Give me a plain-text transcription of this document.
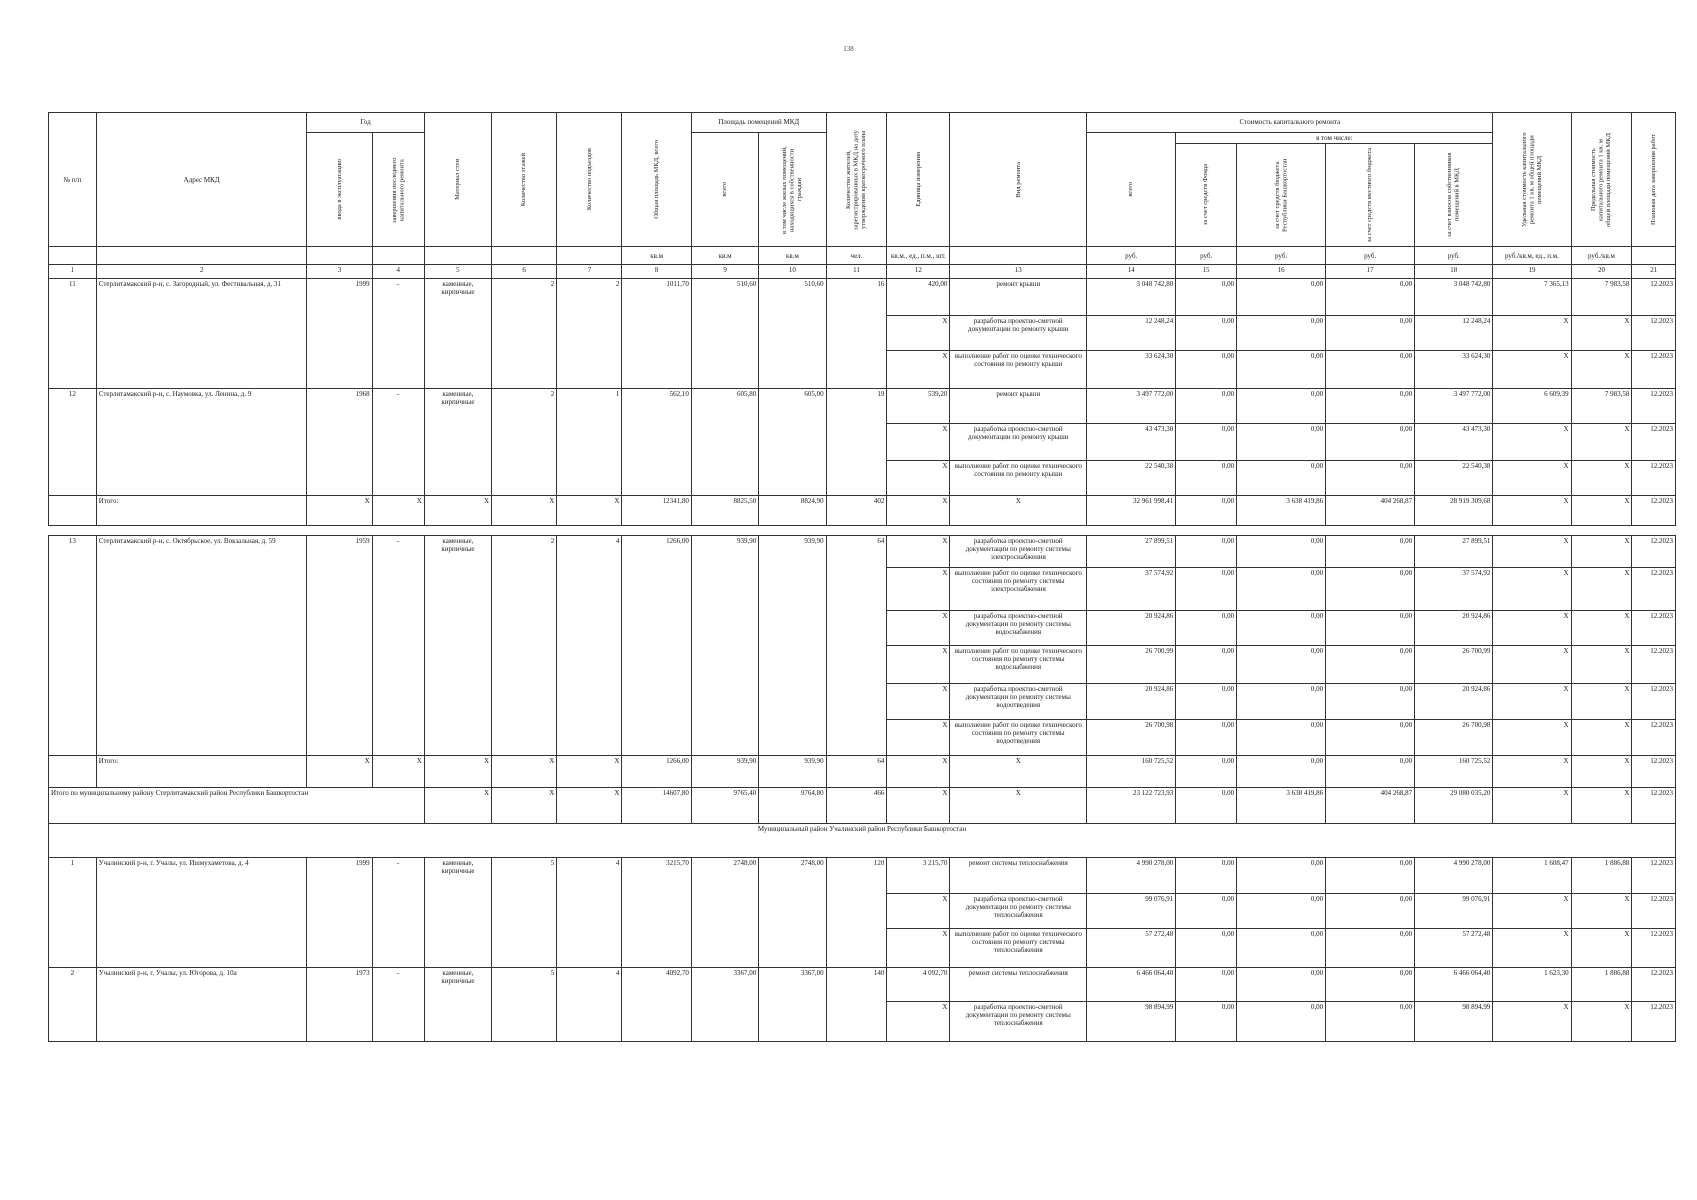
138
№ п/п	Адрес МКД	Год		Материал стен	Количество этажей	Количество подъездов	Общая площадь МКД, всего	Площадь помещений МКД		Количество жителей, зарегистрированных в МКД на дату утверждения краткосрочного плана	Единица измерения	Вид ремонта	Стоимость капитального ремонта					Удельная стоимость капитального ремонта 1 кв. м общей площади помещений МКД	Предельная стоимость капитального ремонта 1 кв. м общей площади помещений МКД	Плановая дата завершения работ

		ввода в эксплуатацию	завершения последнего капитального ремонта					всего	в том числе жилых помещений, находящихся в собственности граждан				всего	в том числе:						

														за счет средств Фонда	за счет средств бюджета Республики Башкортостан	за счет средств местного бюджета	за счет взносов собственников помещений в МКД			

							кв.м	кв.м	кв.м	чел.	кв.м., ед., п.м., шт.		руб.	руб.	руб.	руб.	руб.	руб./кв.м, ед., п.м.	руб./кв.м	
1	2	3	4	5	6	7	8	9	10	11	12	13	14	15	16	17	18	19	20	21
11	Стерлитамакский р-н, с. Загородный, ул. Фестивальная, д. 31	1999	-	каменные, кирпичные	2	2	1011,70	510,60	510,60	16	420,00	ремонт крыши	3 048 742,80	0,00	0,00	0,00	3 048 742,80	7 365,13	7 983,58	12.2023
											X	разработка проектно-сметной документации по ремонту крыши	12 248,24	0,00	0,00	0,00	12 248,24	X	X	12.2023
											X	выполнение работ по оценке технического состояния по ремонту крыши	33 624,30	0,00	0,00	0,00	33 624,30	X	X	12.2023
12	Стерлитамакский р-н, с. Наумовка, ул. Ленина, д. 9	1968	-	каменные, кирпичные	2	1	562,10	605,80	605,00	19	539,20	ремонт крыши	3 497 772,00	0,00	0,00	0,00	3 497 772,00	6 609,39	7 983,58	12.2023
											X	разработка проектно-сметной документации по ремонту крыши	43 473,30	0,00	0,00	0,00	43 473,30	X	X	12.2023
											X	выполнение работ по оценке технического состояния по ремонту крыши	22 540,38	0,00	0,00	0,00	22 540,38	X	X	12.2023
	Итого:	X	X	X	X	X	12341,80	8825,50	8824,90	402	X	X	32 961 998,41	0,00	3 638 419,86	404 268,87	28 919 309,68	X	X	12.2023

13	Стерлитамакский р-н, с. Октябрьское, ул. Вокзальная, д. 59	1959	-	каменные, кирпичные	2	4	1266,00	939,90	939,90	64	X	разработка проектно-сметной документации по ремонту системы электроснабжения	27 899,51	0,00	0,00	0,00	27 899,51	X	X	12.2023
											X	выполнение работ по оценке технического состояния по ремонту системы электроснабжения	37 574,92	0,00	0,00	0,00	37 574,92	X	X	12.2023
											X	разработка проектно-сметной документации по ремонту системы водоснабжения	20 924,86	0,00	0,00	0,00	20 924,86	X	X	12.2023
											X	выполнение работ по оценке технического состояния по ремонту системы водоснабжения	26 700,99	0,00	0,00	0,00	26 700,99	X	X	12.2023
											X	разработка проектно-сметной документации по ремонту системы водоотведения	20 924,86	0,00	0,00	0,00	20 924,86	X	X	12.2023
											X	выполнение работ по оценке технического состояния по ремонту системы водоотведения	26 700,98	0,00	0,00	0,00	26 700,98	X	X	12.2023
	Итого:	X	X	X	X	X	1266,00	939,90	939,90	64	X	X	160 725,52	0,00	0,00	0,00	160 725,52	X	X	12.2023
Итого по муниципальному району Стерлитамакский район Республики Башкортостан				X	X	X	14607,80	9765,40	9764,80	466	X	X	23 122 723,93	0,00	3 638 419,86	404 268,87	29 080 035,20	X	X	12.2023
Муниципальный район Учалинский район Республики Башкортостан																				
1	Учалинский р-н, г. Учалы, ул. Ишмухаметова, д. 4	1999	-	каменные, кирпичные	5	4	3215,70	2748,00	2748,00	120	3 215,70	ремонт системы теплоснабжения	4 990 278,00	0,00	0,00	0,00	4 990 278,00	1 608,47	1 886,88	12.2023
											X	разработка проектно-сметной документации по ремонту системы теплоснабжения	99 076,91	0,00	0,00	0,00	99 076,91	X	X	12.2023
											X	выполнение работ по оценке технического состояния по ремонту системы теплоснабжения	57 272,48	0,00	0,00	0,00	57 272,48	X	X	12.2023
2	Учалинский р-н, г. Учалы, ул. Югорова, д. 10а	1973	-	каменные, кирпичные	5	4	4092,70	3367,00	3367,00	140	4 092,70	ремонт системы теплоснабжения	6 466 064,40	0,00	0,00	0,00	6 466 064,40	1 623,30	1 886,88	12.2023
											X	разработка проектно-сметной документации по ремонту системы теплоснабжения	98 894,99	0,00	0,00	0,00	98 894,99	X	X	12.2023
